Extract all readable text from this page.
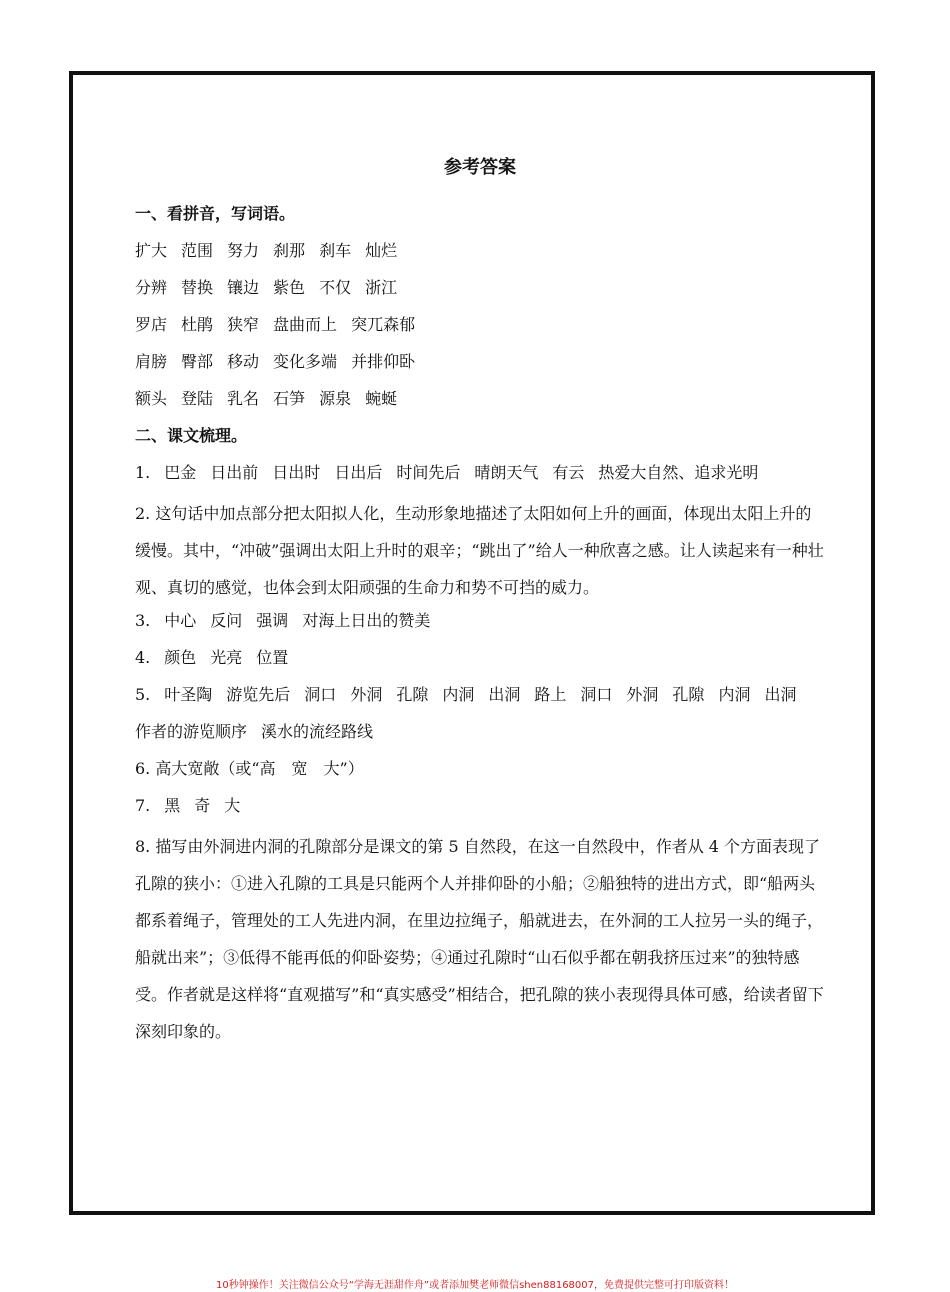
参考答案
一、看拼音，写词语。
扩大 范围 努力 刹那 刹车 灿烂
分辨 替换 镶边 紫色 不仅 浙江
罗店 杜鹃 狭窄 盘曲而上 突兀森郁
肩膀 臀部 移动 变化多端 并排仰卧
额头 登陆 乳名 石笋 源泉 蜿蜒
二、课文梳理。
1. 巴金 日出前 日出时 日出后 时间先后 晴朗天气 有云 热爱大自然、追求光明

2. 这句话中加点部分把太阳拟人化，生动形象地描述了太阳如何上升的画面，体现出太阳上升的缓慢。其中，“冲破”强调出太阳上升时的艰辛；“跳出了”给人一种欣喜之感。让人读起来有一种壮观、真切的感觉，也体会到太阳顽强的生命力和势不可挡的威力。

3. 中心 反问 强调 对海上日出的赞美
4. 颜色 光亮 位置
5. 叶圣陶 游览先后 洞口 外洞 孔隙 内洞 出洞 路上 洞口 外洞 孔隙 内洞 出洞
作者的游览顺序 溪水的流经路线
6. 高大宽敞（或“高　宽　大”）
7. 黑 奇 大

8. 描写由外洞进内洞的孔隙部分是课文的第 5 自然段，在这一自然段中，作者从 4 个方面表现了孔隙的狭小：①进入孔隙的工具是只能两个人并排仰卧的小船；②船独特的进出方式，即“船两头都系着绳子，管理处的工人先进内洞，在里边拉绳子，船就进去，在外洞的工人拉另一头的绳子，船就出来”；③低得不能再低的仰卧姿势；④通过孔隙时“山石似乎都在朝我挤压过来”的独特感受。作者就是这样将“直观描写”和“真实感受”相结合，把孔隙的狭小表现得具体可感，给读者留下深刻印象的。

10秒钟操作！关注微信公众号“学海无涯甜作舟”或者添加樊老师微信shen88168007，免费提供完整可打印版资料！
